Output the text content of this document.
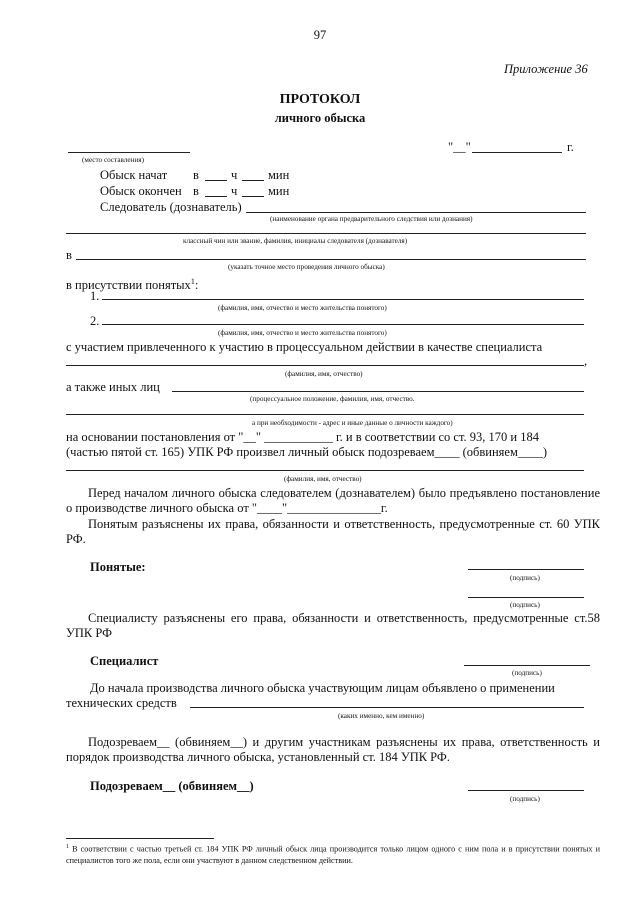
97
Приложение 36
ПРОТОКОЛ
личного обыска
"__"	г.
(место составления)
Обыск начат в	ч мин
Обыск окончен в	ч мин
Следователь (дознаватель)
(наименование органа предварительного следствия или дознания)
классный чин или звание, фамилия, инициалы следователя (дознавателя)
в
(указать точное место проведения личного обыска)
в присутствии понятых$^1$:
1.
(фамилия, имя, отчество и место жительства понятого)
2.
(фамилия, имя, отчество и место жительства понятого)
с участием привлеченного к участию в процессуальном действии в качестве специалиста
,
(фамилия, имя, отчество)
а также иных лиц
(процессуальное положение, фамилия, имя, отчество.
а при необходимости - адрес и иные данные о личности каждого)
на основании постановления от "__" ___________ г. и в соответствии со ст. 93, 170 и 184
(частью пятой ст. 165) УПК РФ произвел личный обыск подозреваем____ (обвиняем____)
(фамилия, имя, отчество)
Перед началом личного обыска следователем (дознавателем) было предъявлено постановление о производстве личного обыска от "____"_______________г.
Понятым разъяснены их права, обязанности и ответственность, предусмотренные ст. 60 УПК РФ.
Понятые:
(подпись)
(подпись)
Специалисту разъяснены его права, обязанности и ответственность, предусмотренные ст.58 УПК РФ
Специалист
(подпись)
До начала производства личного обыска участвующим лицам объявлено о применении
технических средств
(каких именно, кем именно)
Подозреваем__ (обвиняем__) и другим участникам разъяснены их права, ответственность и порядок производства личного обыска, установленный ст. 184 УПК РФ.
Подозреваем__ (обвиняем__)
(подпись)
$^1$ В соответствии с частью третьей ст. 184 УПК РФ личный обыск лица производится только лицом одного с ним пола и в присутствии понятых и специалистов того же пола, если они участвуют в данном следственном действии.
